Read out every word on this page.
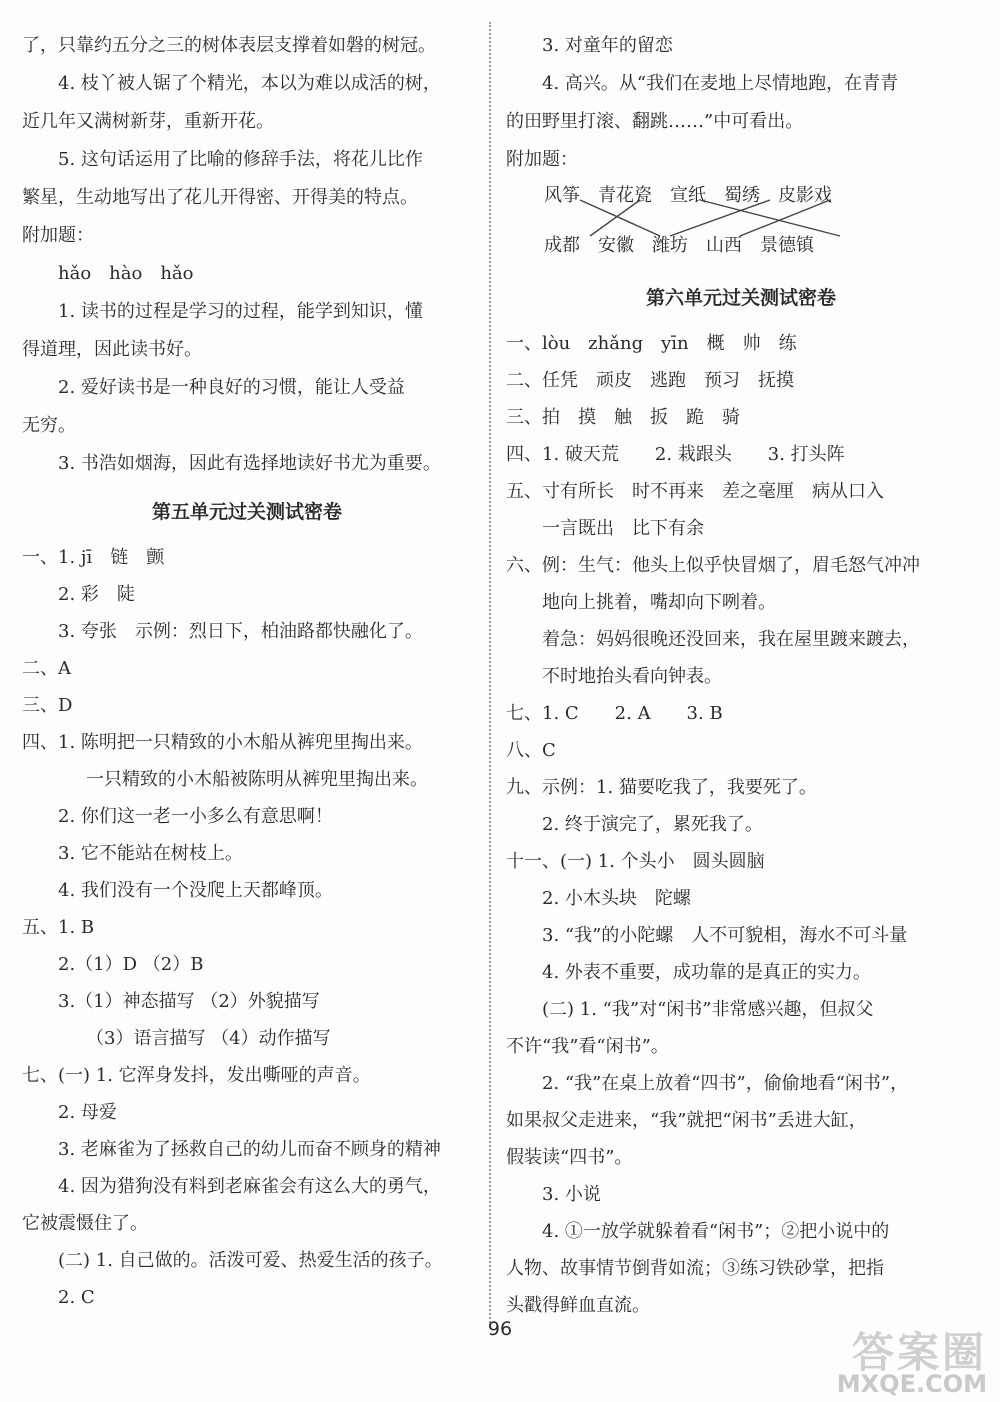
了，只靠约五分之三的树体表层支撑着如磐的树冠。
4. 枝丫被人锯了个精光，本以为难以成活的树，
近几年又满树新芽，重新开花。
5. 这句话运用了比喻的修辞手法，将花儿比作
繁星，生动地写出了花儿开得密、开得美的特点。
附加题：
hǎo　hào　hǎo
1. 读书的过程是学习的过程，能学到知识，懂
得道理，因此读书好。
2. 爱好读书是一种良好的习惯，能让人受益
无穷。
3. 书浩如烟海，因此有选择地读好书尤为重要。
第五单元过关测试密卷
一、1. jī　链　颤
2. 彩　陡
3. 夸张　示例：烈日下，柏油路都快融化了。
二、A
三、D
四、1. 陈明把一只精致的小木船从裤兜里掏出来。
一只精致的小木船被陈明从裤兜里掏出来。
2. 你们这一老一小多么有意思啊！
3. 它不能站在树枝上。
4. 我们没有一个没爬上天都峰顶。
五、1. B
2.（1）D （2）B
3.（1）神态描写 （2）外貌描写
（3）语言描写 （4）动作描写
七、(一) 1. 它浑身发抖，发出嘶哑的声音。
2. 母爱
3. 老麻雀为了拯救自己的幼儿而奋不顾身的精神
4. 因为猎狗没有料到老麻雀会有这么大的勇气，
它被震慑住了。
(二) 1. 自己做的。活泼可爱、热爱生活的孩子。
2. C
3. 对童年的留恋
4. 高兴。从“我们在麦地上尽情地跑，在青青
的田野里打滚、翻跳……”中可看出。
附加题：
风筝　青花瓷　宣纸　蜀绣　皮影戏
成都　安徽　潍坊　山西　景德镇
第六单元过关测试密卷
一、lòu　zhǎng　yīn　概　帅　练
二、任凭　顽皮　逃跑　预习　抚摸
三、拍　摸　触　扳　跪　骑
四、1. 破天荒　　2. 栽跟头　　3. 打头阵
五、寸有所长　时不再来　差之毫厘　病从口入
一言既出　比下有余
六、例：生气：他头上似乎快冒烟了，眉毛怒气冲冲
地向上挑着，嘴却向下咧着。
着急：妈妈很晚还没回来，我在屋里踱来踱去，
不时地抬头看向钟表。
七、1. C　　2. A　　3. B
八、C
九、示例：1. 猫要吃我了，我要死了。
2. 终于演完了，累死我了。
十一、(一) 1. 个头小　圆头圆脑
2. 小木头块　陀螺
3. “我”的小陀螺　人不可貌相，海水不可斗量
4. 外表不重要，成功靠的是真正的实力。
(二) 1. “我”对“闲书”非常感兴趣，但叔父
不许“我”看“闲书”。
2. “我”在桌上放着“四书”，偷偷地看“闲书”，
如果叔父走进来，“我”就把“闲书”丢进大缸，
假装读“四书”。
3. 小说
4. ①一放学就躲着看“闲书”；②把小说中的
人物、故事情节倒背如流；③练习铁砂掌，把指
头戳得鲜血直流。
96	答案圈
MXQE.COM
